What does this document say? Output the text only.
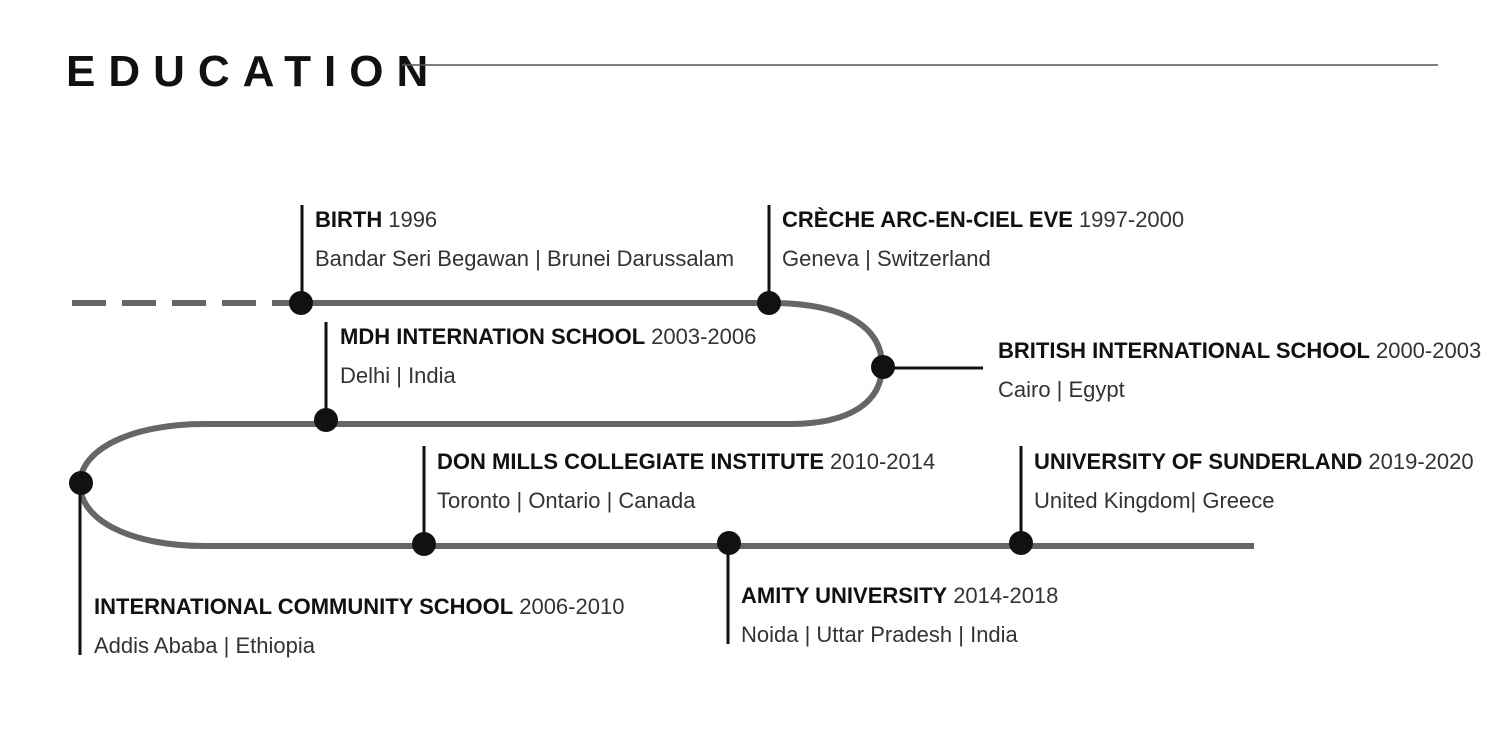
EDUCATION
BIRTH 1996
Bandar Seri Begawan | Brunei Darussalam
CRÈCHE ARC-EN-CIEL EVE 1997-2000
Geneva | Switzerland
BRITISH INTERNATIONAL SCHOOL 2000-2003
Cairo | Egypt
MDH INTERNATION SCHOOL 2003-2006
Delhi | India
INTERNATIONAL COMMUNITY SCHOOL 2006-2010
Addis Ababa | Ethiopia
DON MILLS COLLEGIATE INSTITUTE 2010-2014
Toronto | Ontario | Canada
AMITY UNIVERSITY 2014-2018
Noida | Uttar Pradesh | India
UNIVERSITY OF SUNDERLAND 2019-2020
United Kingdom| Greece
